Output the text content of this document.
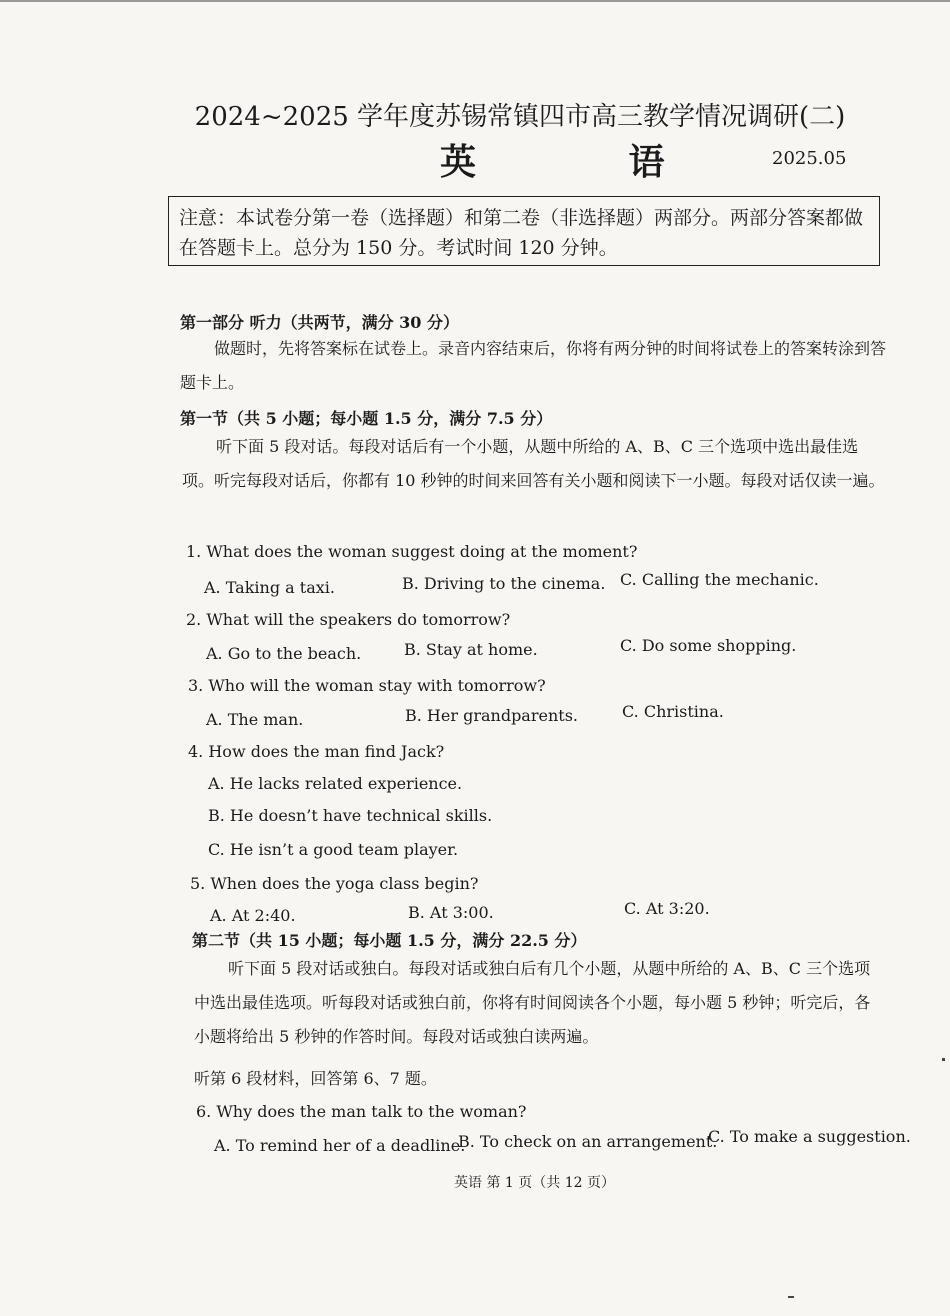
2024~2025 学年度苏锡常镇四市高三教学情况调研(二)
英 语 2025.05
注意：本试卷分第一卷（选择题）和第二卷（非选择题）两部分。两部分答案都做在答题卡上。总分为 150 分。考试时间 120 分钟。
第一部分 听力（共两节，满分 30 分）
做题时，先将答案标在试卷上。录音内容结束后，你将有两分钟的时间将试卷上的答案转涂到答题卡上。
第一节（共 5 小题；每小题 1.5 分，满分 7.5 分）
听下面 5 段对话。每段对话后有一个小题，从题中所给的 A、B、C 三个选项中选出最佳选项。听完每段对话后，你都有 10 秒钟的时间来回答有关小题和阅读下一小题。每段对话仅读一遍。
1. What does the woman suggest doing at the moment?
A. Taking a taxi.	B. Driving to the cinema. C. Calling the mechanic.
2. What will the speakers do tomorrow?
A. Go to the beach.	B. Stay at home.	C. Do some shopping.
3. Who will the woman stay with tomorrow?
A. The man.	B. Her grandparents.	C. Christina.
4. How does the man find Jack?
A. He lacks related experience.
B. He doesn’t have technical skills.
C. He isn’t a good team player.
5. When does the yoga class begin?
A. At 2:40.	B. At 3:00.	C. At 3:20.
第二节（共 15 小题；每小题 1.5 分，满分 22.5 分）
听下面 5 段对话或独白。每段对话或独白后有几个小题，从题中所给的 A、B、C 三个选项中选出最佳选项。听每段对话或独白前，你将有时间阅读各个小题，每小题 5 秒钟；听完后，各小题将给出 5 秒钟的作答时间。每段对话或独白读两遍。
听第 6 段材料，回答第 6、7 题。
6. Why does the man talk to the woman?
A. To remind her of a deadline.
B. To check on an arrangement.
C. To make a suggestion.
英语 第 1 页（共 12 页）
